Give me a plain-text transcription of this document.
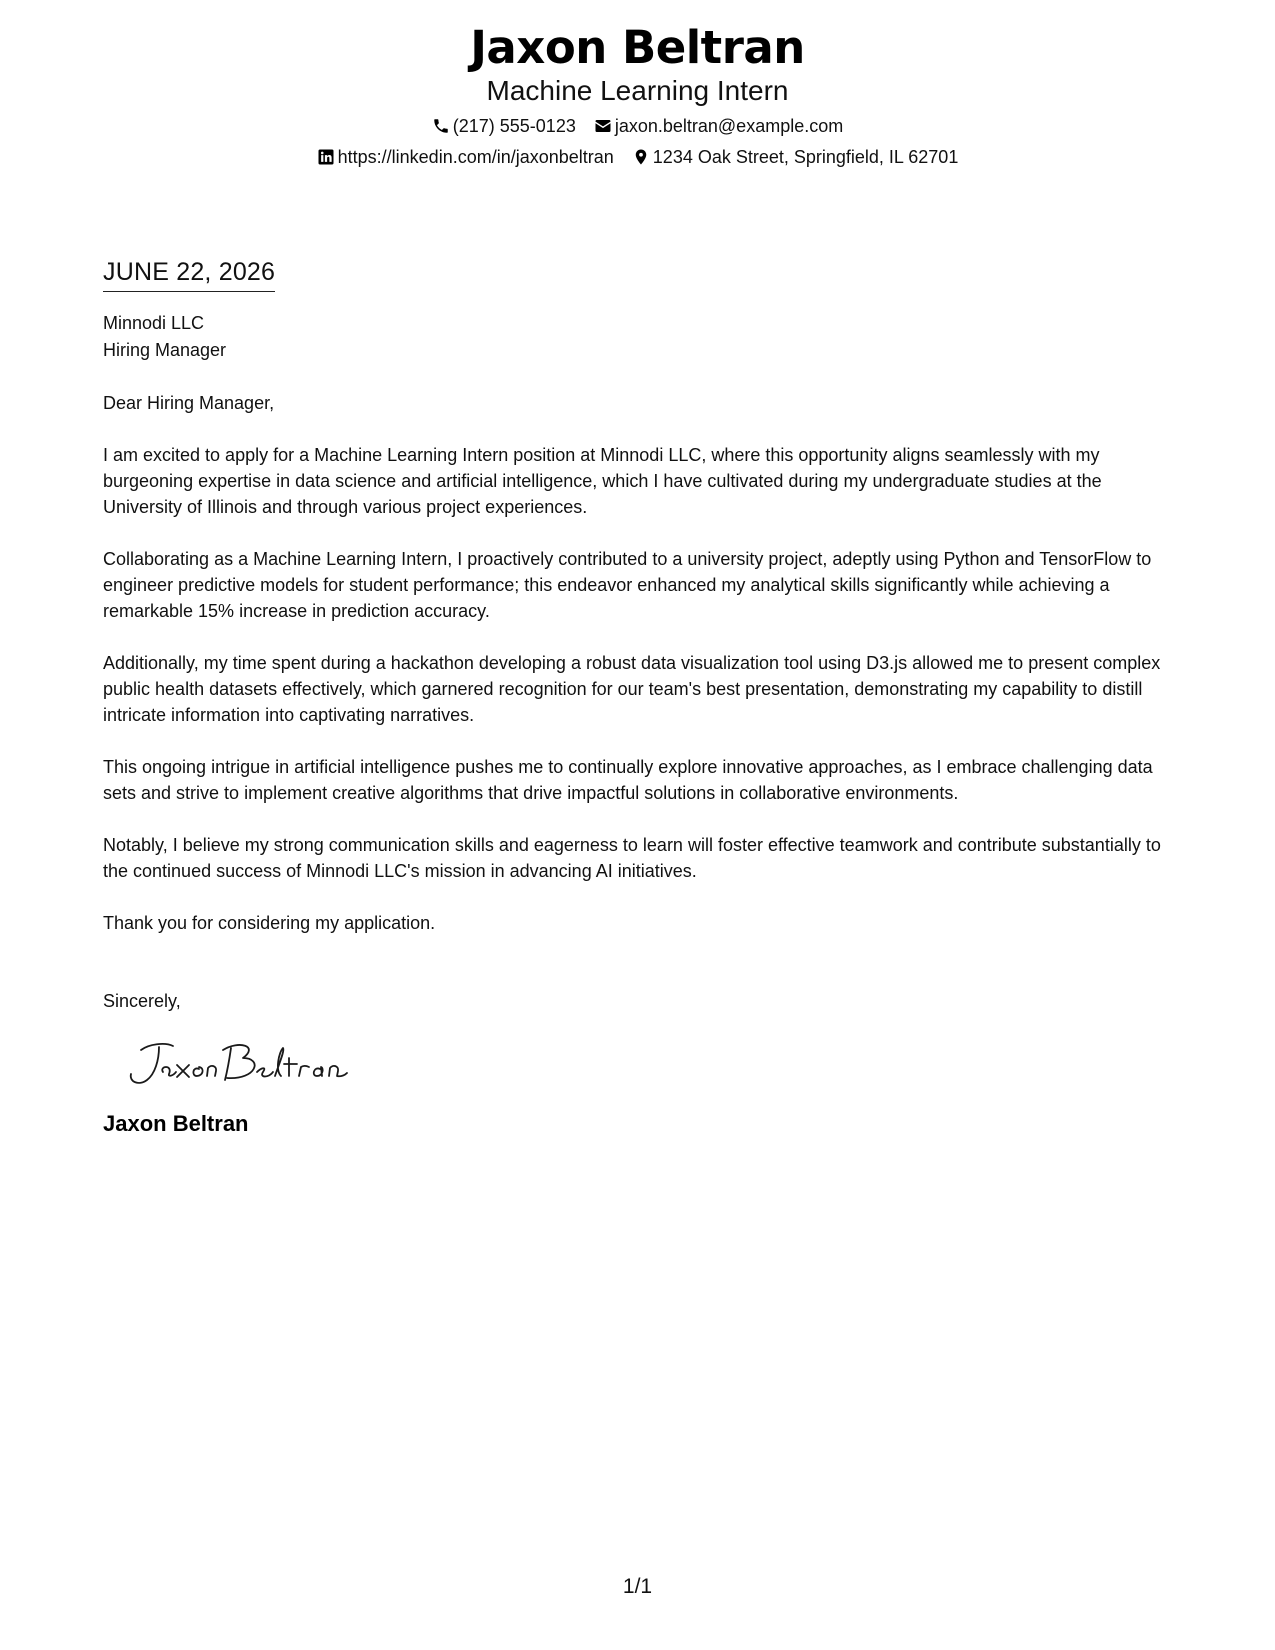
Jaxon Beltran
Machine Learning Intern
(217) 555-0123 jaxon.beltran@example.com
https://linkedin.com/in/jaxonbeltran 1234 Oak Street, Springfield, IL 62701
JUNE 22, 2026
Minnodi LLC
Hiring Manager
Dear Hiring Manager,

I am excited to apply for a Machine Learning Intern position at Minnodi LLC, where this opportunity aligns seamlessly with my burgeoning expertise in data science and artificial intelligence, which I have cultivated during my undergraduate studies at the University of Illinois and through various project experiences.

Collaborating as a Machine Learning Intern, I proactively contributed to a university project, adeptly using Python and TensorFlow to engineer predictive models for student performance; this endeavor enhanced my analytical skills significantly while achieving a remarkable 15% increase in prediction accuracy.

Additionally, my time spent during a hackathon developing a robust data visualization tool using D3.js allowed me to present complex public health datasets effectively, which garnered recognition for our team's best presentation, demonstrating my capability to distill intricate information into captivating narratives.

This ongoing intrigue in artificial intelligence pushes me to continually explore innovative approaches, as I embrace challenging data sets and strive to implement creative algorithms that drive impactful solutions in collaborative environments.

Notably, I believe my strong communication skills and eagerness to learn will foster effective teamwork and contribute substantially to the continued success of Minnodi LLC's mission in advancing AI initiatives.

Thank you for considering my application.

Sincerely,
Jaxon Beltran
1/1
